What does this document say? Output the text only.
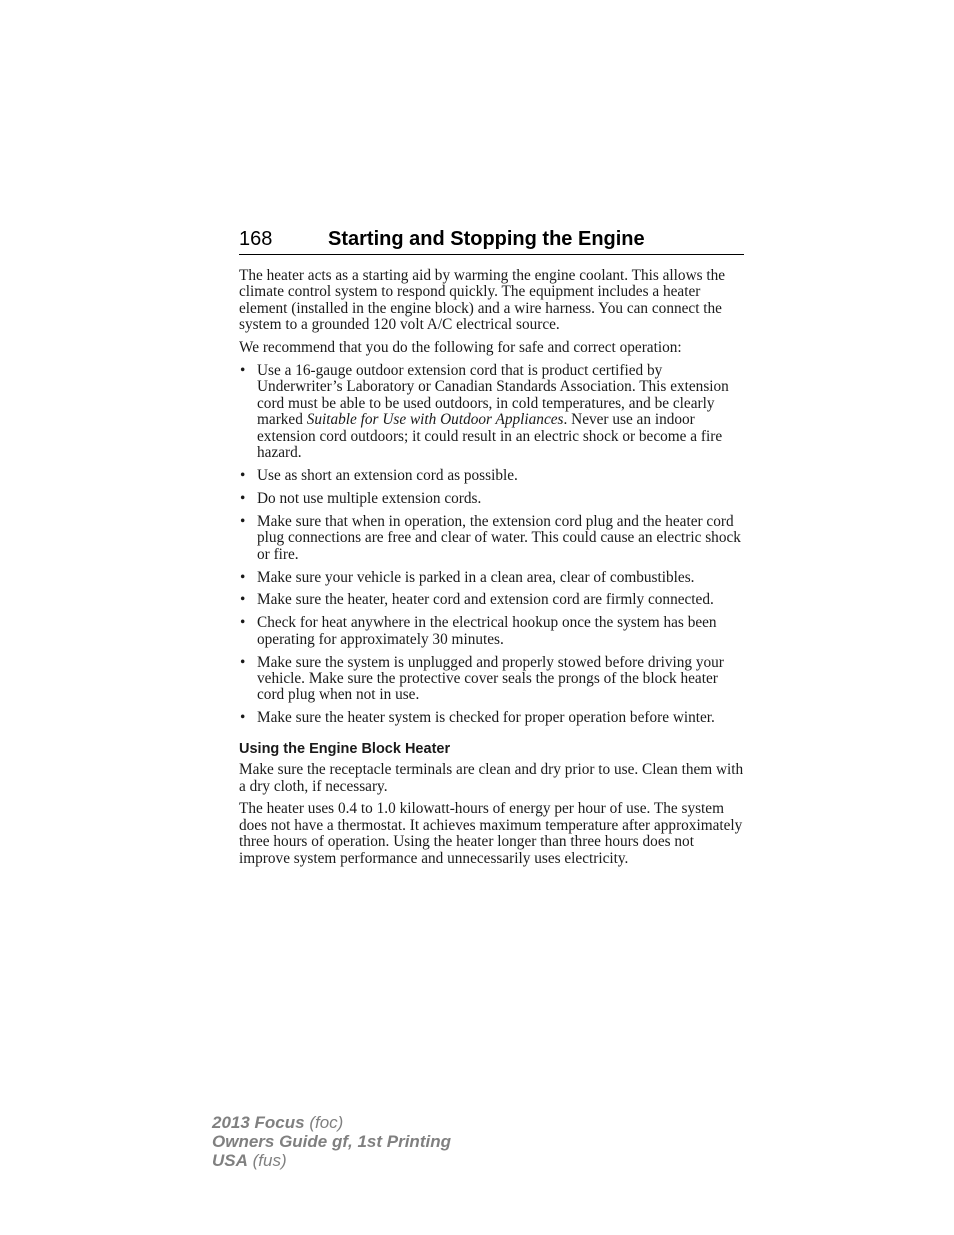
168	Starting and Stopping the Engine

The heater acts as a starting aid by warming the engine coolant. This allows the climate control system to respond quickly. The equipment includes a heater element (installed in the engine block) and a wire harness. You can connect the system to a grounded 120 volt A/C electrical source.

We recommend that you do the following for safe and correct operation:

• Use a 16-gauge outdoor extension cord that is product certified by Underwriter’s Laboratory or Canadian Standards Association. This extension cord must be able to be used outdoors, in cold temperatures, and be clearly marked Suitable for Use with Outdoor Appliances. Never use an indoor extension cord outdoors; it could result in an electric shock or become a fire hazard.
• Use as short an extension cord as possible.
• Do not use multiple extension cords.
• Make sure that when in operation, the extension cord plug and the heater cord plug connections are free and clear of water. This could cause an electric shock or fire.
• Make sure your vehicle is parked in a clean area, clear of combustibles.
• Make sure the heater, heater cord and extension cord are firmly connected.
• Check for heat anywhere in the electrical hookup once the system has been operating for approximately 30 minutes.
• Make sure the system is unplugged and properly stowed before driving your vehicle. Make sure the protective cover seals the prongs of the block heater cord plug when not in use.
• Make sure the heater system is checked for proper operation before winter.
Using the Engine Block Heater

Make sure the receptacle terminals are clean and dry prior to use. Clean them with a dry cloth, if necessary.

The heater uses 0.4 to 1.0 kilowatt-hours of energy per hour of use. The system does not have a thermostat. It achieves maximum temperature after approximately three hours of operation. Using the heater longer than three hours does not improve system performance and unnecessarily uses electricity.

2013 Focus (foc)
Owners Guide gf, 1st Printing
USA (fus)
